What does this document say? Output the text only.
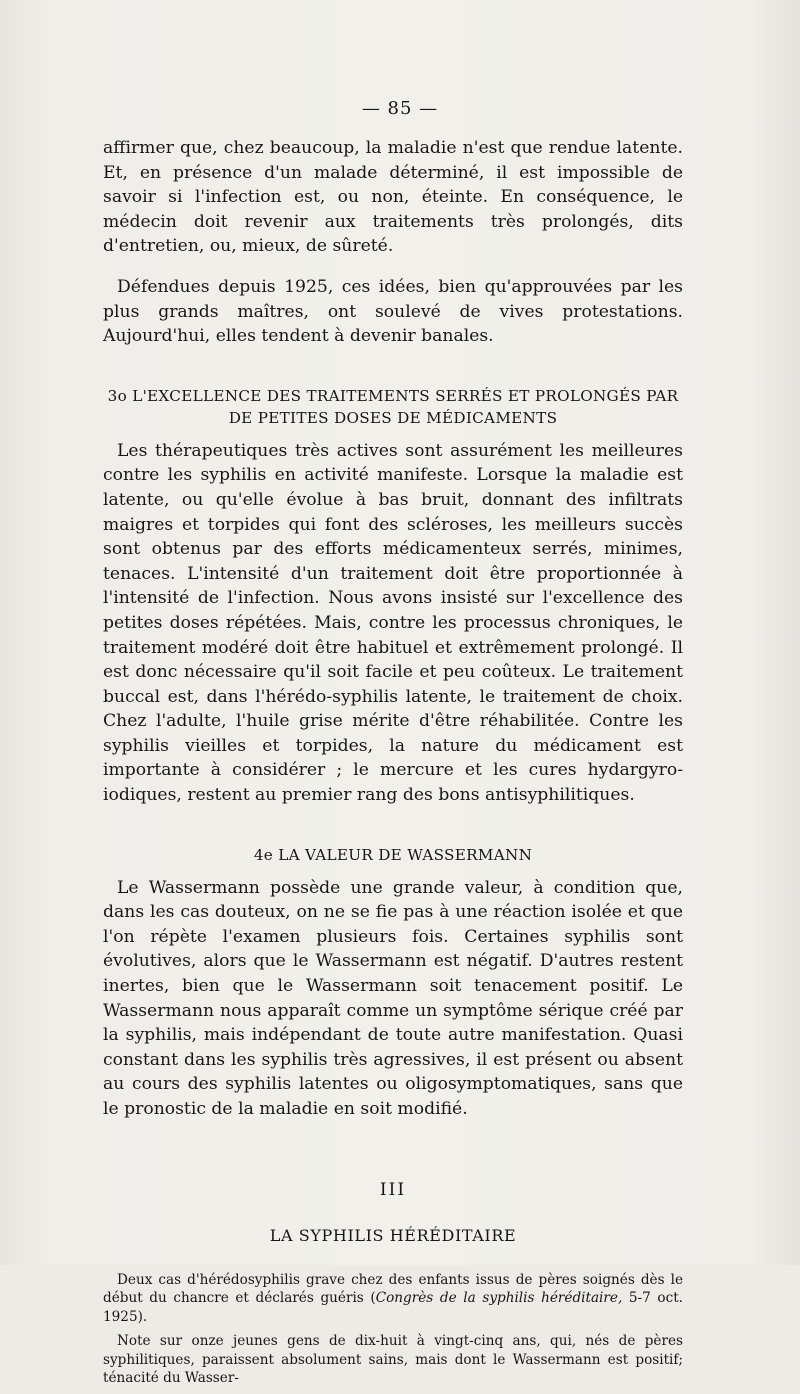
— 85 —

affirmer que, chez beaucoup, la maladie n'est que rendue latente. Et, en présence d'un malade déterminé, il est impossible de savoir si l'infection est, ou non, éteinte. En conséquence, le médecin doit revenir aux traitements très prolongés, dits d'entretien, ou, mieux, de sûreté.

Défendues depuis 1925, ces idées, bien qu'approuvées par les plus grands maîtres, ont soulevé de vives protestations. Aujourd'hui, elles tendent à devenir banales.

3o L'EXCELLENCE DES TRAITEMENTS SERRÉS ET PROLONGÉS PAR DE PETITES DOSES DE MÉDICAMENTS

Les thérapeutiques très actives sont assurément les meilleures contre les syphilis en activité manifeste. Lorsque la maladie est latente, ou qu'elle évolue à bas bruit, donnant des infiltrats maigres et torpides qui font des scléroses, les meilleurs succès sont obtenus par des efforts médicamenteux serrés, minimes, tenaces. L'intensité d'un traitement doit être proportionnée à l'intensité de l'infection. Nous avons insisté sur l'excellence des petites doses répétées. Mais, contre les processus chroniques, le traitement modéré doit être habituel et extrêmement prolongé. Il est donc nécessaire qu'il soit facile et peu coûteux. Le traitement buccal est, dans l'hérédo-syphilis latente, le traitement de choix. Chez l'adulte, l'huile grise mérite d'être réhabilitée. Contre les syphilis vieilles et torpides, la nature du médicament est importante à considérer ; le mercure et les cures hydargyro-iodiques, restent au premier rang des bons antisyphilitiques.

4e LA VALEUR DE WASSERMANN

Le Wassermann possède une grande valeur, à condition que, dans les cas douteux, on ne se fie pas à une réaction isolée et que l'on répète l'examen plusieurs fois. Certaines syphilis sont évolutives, alors que le Wassermann est négatif. D'autres restent inertes, bien que le Wassermann soit tenacement positif. Le Wassermann nous apparaît comme un symptôme sérique créé par la syphilis, mais indépendant de toute autre manifestation. Quasi constant dans les syphilis très agressives, il est présent ou absent au cours des syphilis latentes ou oligosymptomatiques, sans que le pronostic de la maladie en soit modifié.

III
LA SYPHILIS HÉRÉDITAIRE

Deux cas d'hérédosyphilis grave chez des enfants issus de pères soignés dès le début du chancre et déclarés guéris (Congrès de la syphilis héréditaire, 5-7 oct. 1925).

Note sur onze jeunes gens de dix-huit à vingt-cinq ans, qui, nés de pères syphilitiques, paraissent absolument sains, mais dont le Wassermann est positif; ténacité du Wasser-
